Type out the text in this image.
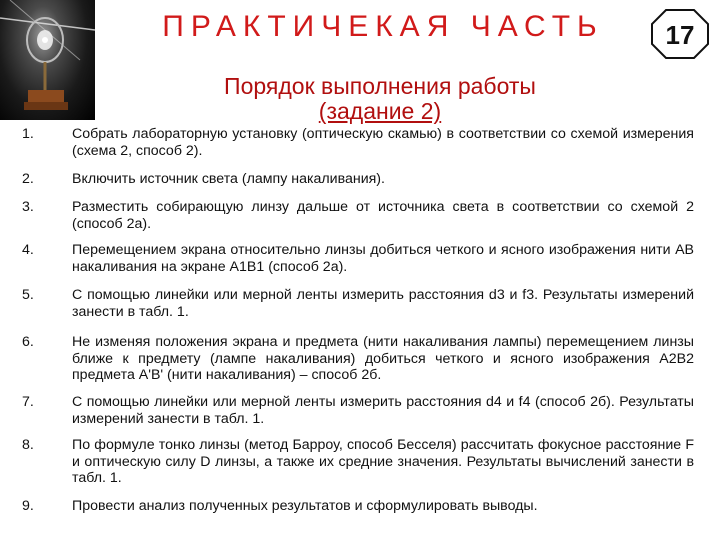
ПРАКТИЧЕКАЯ ЧАСТЬ	17
Порядок выполнения работы
(задание 2)
1.	Собрать лабораторную установку (оптическую скамью) в соответствии со схемой измерения (схема 2, способ 2).
2.	Включить источник света (лампу накаливания).
3.	Разместить собирающую линзу дальше от источника света в соответствии со схемой 2 (способ 2а).
4.	Перемещением экрана относительно линзы добиться четкого и ясного изображения нити АВ накаливания на экране А1В1 (способ 2а).
5.	С помощью линейки или мерной ленты измерить расстояния d3 и f3. Результаты измерений занести в табл. 1.
6.	Не изменяя положения экрана и предмета (нити накаливания лампы) перемещением линзы ближе к предмету (лампе накаливания) добиться четкого и ясного изображения А2В2 предмета А'В' (нити накаливания) – способ 2б.
7.	С помощью линейки или мерной ленты измерить расстояния d4 и f4 (способ 2б). Результаты измерений занести в табл. 1.
8.	По формуле тонко линзы (метод Барроу, способ Бесселя) рассчитать фокусное расстояние F и оптическую силу D линзы, а также их средние значения. Результаты вычислений занести в табл. 1.
9.	Провести анализ полученных результатов и сформулировать выводы.
